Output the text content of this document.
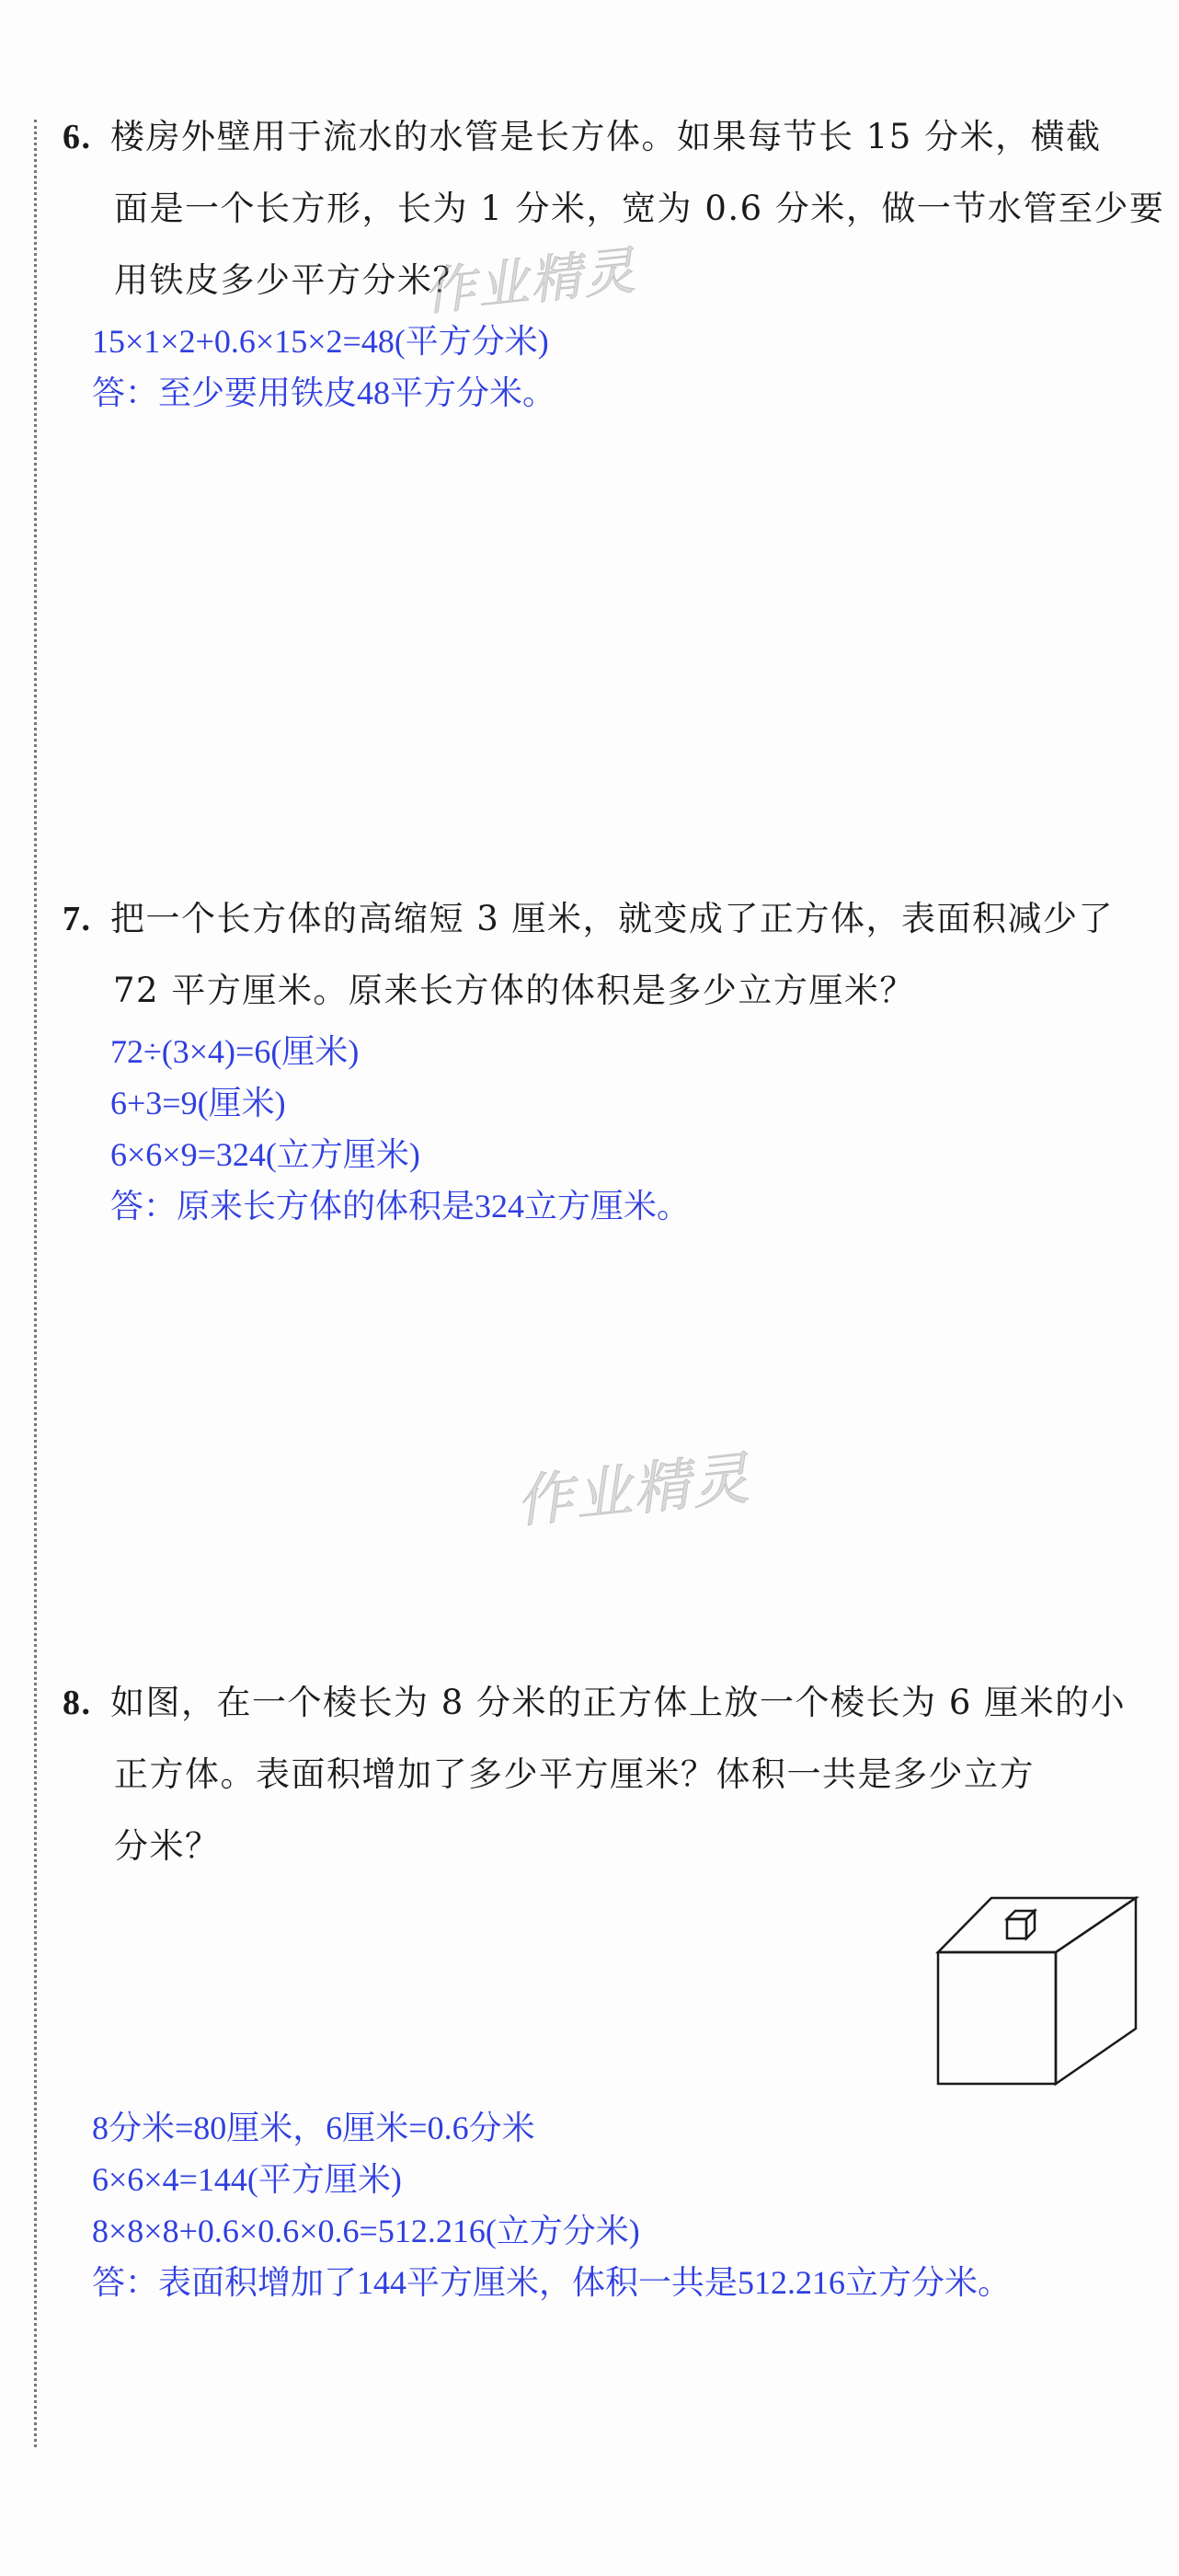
6. 楼房外壁用于流水的水管是长方体。如果每节长 15 分米，横截
面是一个长方形，长为 1 分米，宽为 0.6 分米，做一节水管至少要
用铁皮多少平方分米？
15×1×2+0.6×15×2=48(平方分米)
答：至少要用铁皮48平方分米。
7. 把一个长方体的高缩短 3 厘米，就变成了正方体，表面积减少了
72 平方厘米。原来长方体的体积是多少立方厘米？
72÷(3×4)=6(厘米)
6+3=9(厘米)
6×6×9=324(立方厘米)
答：原来长方体的体积是324立方厘米。
8. 如图，在一个棱长为 8 分米的正方体上放一个棱长为 6 厘米的小
正方体。表面积增加了多少平方厘米？体积一共是多少立方
分米？
8分米=80厘米，6厘米=0.6分米
6×6×4=144(平方厘米)
8×8×8+0.6×0.6×0.6=512.216(立方分米)
答：表面积增加了144平方厘米，体积一共是512.216立方分米。
作业精灵
作业精灵
